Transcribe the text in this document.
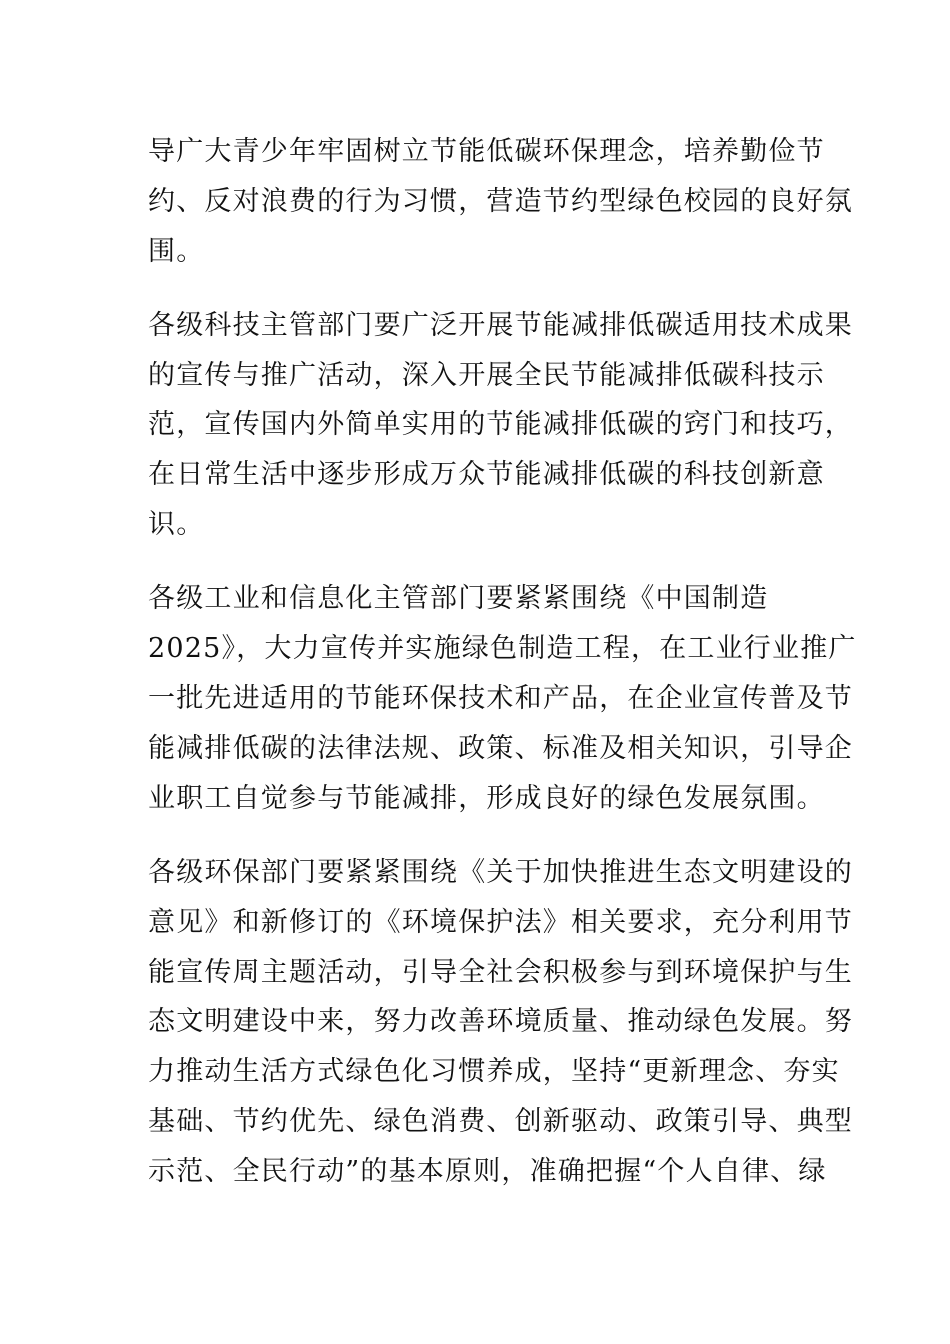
导广大青少年牢固树立节能低碳环保理念，培养勤俭节
约、反对浪费的行为习惯，营造节约型绿色校园的良好氛
围。
各级科技主管部门要广泛开展节能减排低碳适用技术成果
的宣传与推广活动，深入开展全民节能减排低碳科技示
范，宣传国内外简单实用的节能减排低碳的窍门和技巧，
在日常生活中逐步形成万众节能减排低碳的科技创新意
识。
各级工业和信息化主管部门要紧紧围绕《中国制造
2025》，大力宣传并实施绿色制造工程，在工业行业推广
一批先进适用的节能环保技术和产品，在企业宣传普及节
能减排低碳的法律法规、政策、标准及相关知识，引导企
业职工自觉参与节能减排，形成良好的绿色发展氛围。
各级环保部门要紧紧围绕《关于加快推进生态文明建设的
意见》和新修订的《环境保护法》相关要求，充分利用节
能宣传周主题活动，引导全社会积极参与到环境保护与生
态文明建设中来，努力改善环境质量、推动绿色发展。努
力推动生活方式绿色化习惯养成，坚持“更新理念、夯实
基础、节约优先、绿色消费、创新驱动、政策引导、典型
示范、全民行动”的基本原则，准确把握“个人自律、绿
